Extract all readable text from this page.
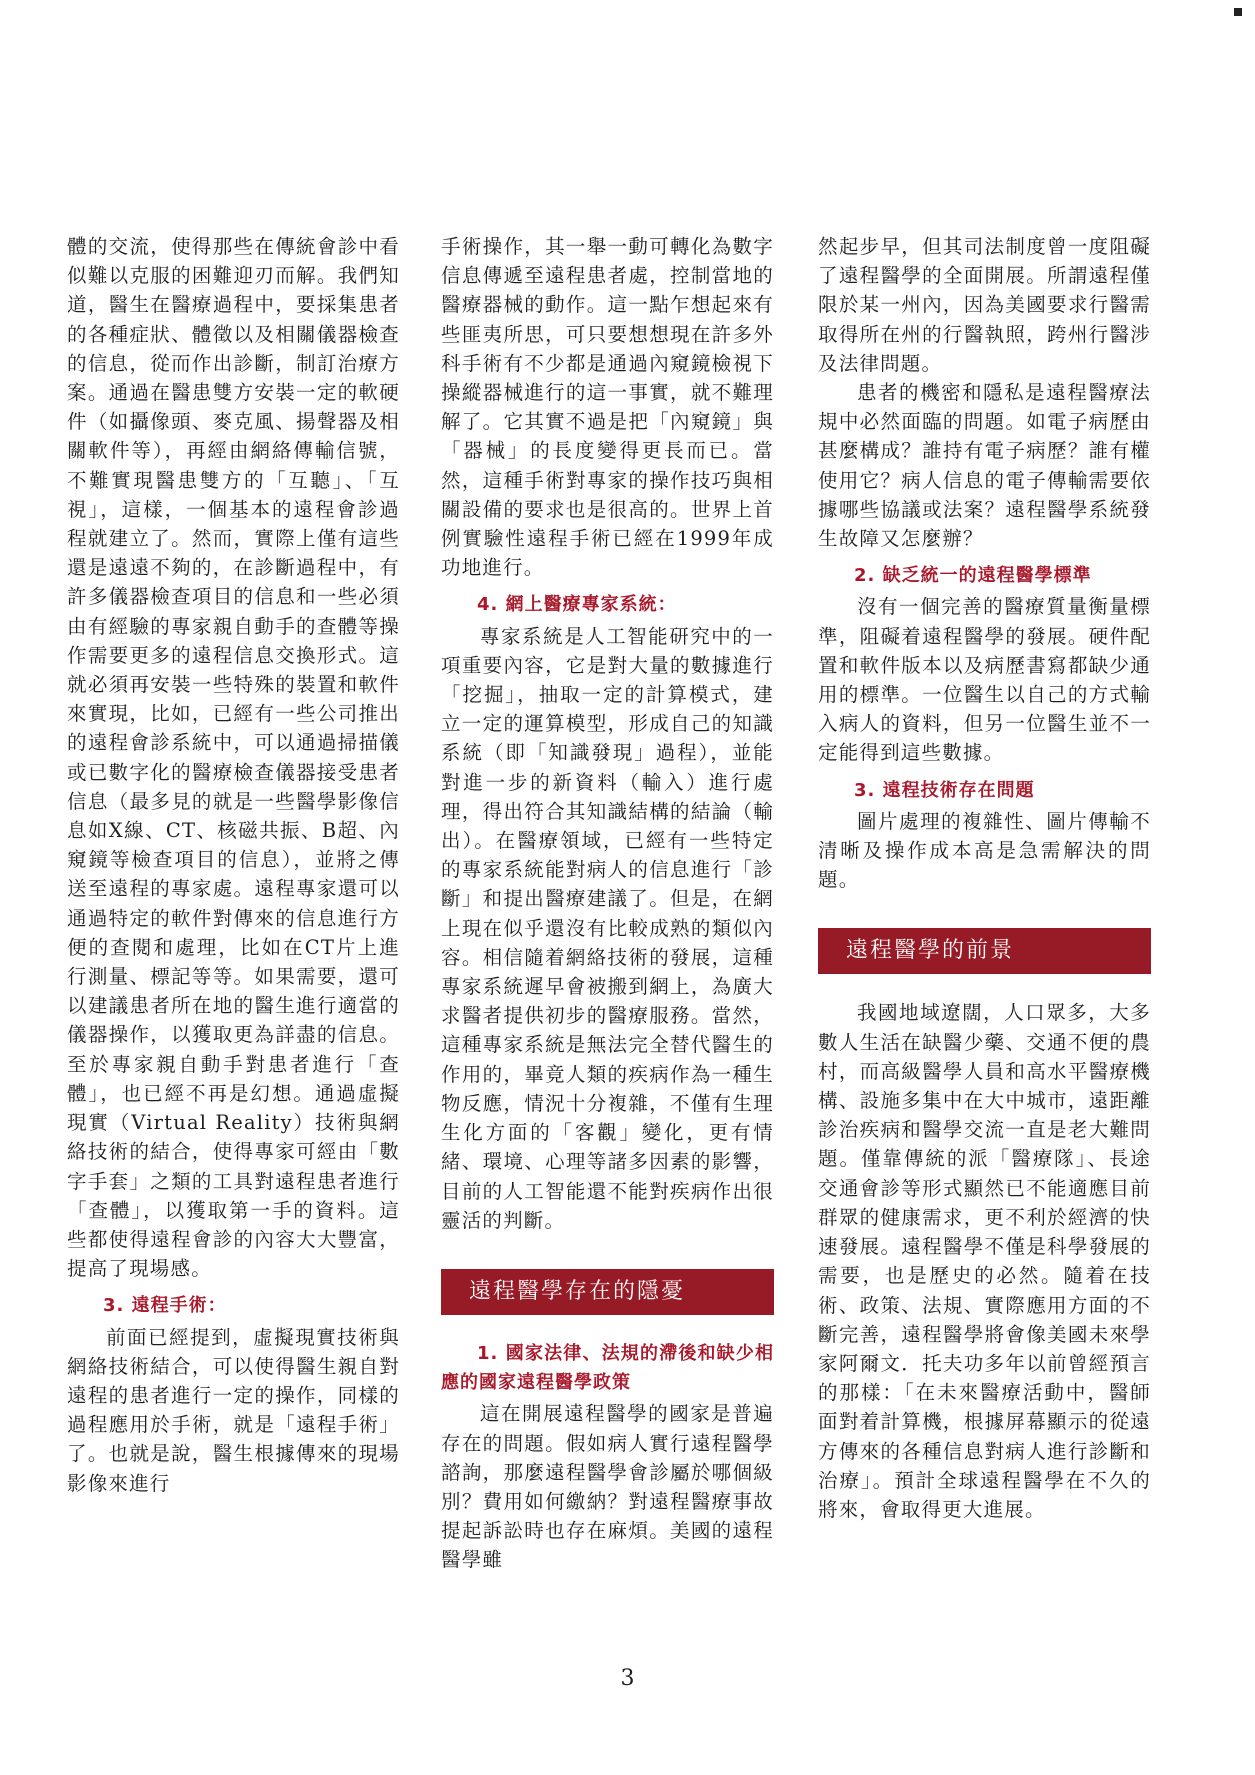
體的交流，使得那些在傳統會診中看似難以克服的困難迎刃而解。我們知道，醫生在醫療過程中，要採集患者的各種症狀、體徵以及相關儀器檢查的信息，從而作出診斷，制訂治療方案。通過在醫患雙方安裝一定的軟硬件（如攝像頭、麥克風、揚聲器及相關軟件等），再經由網絡傳輸信號，不難實現醫患雙方的「互聽」、「互視」，這樣，一個基本的遠程會診過程就建立了。然而，實際上僅有這些還是遠遠不夠的，在診斷過程中，有許多儀器檢查項目的信息和一些必須由有經驗的專家親自動手的查體等操作需要更多的遠程信息交換形式。這就必須再安裝一些特殊的裝置和軟件來實現，比如，已經有一些公司推出的遠程會診系統中，可以通過掃描儀或已數字化的醫療檢查儀器接受患者信息（最多見的就是一些醫學影像信息如X線、CT、核磁共振、B超、內窺鏡等檢查項目的信息），並將之傳送至遠程的專家處。遠程專家還可以通過特定的軟件對傳來的信息進行方便的查閱和處理，比如在CT片上進行測量、標記等等。如果需要，還可以建議患者所在地的醫生進行適當的儀器操作，以獲取更為詳盡的信息。至於專家親自動手對患者進行「查體」，也已經不再是幻想。通過虛擬現實（Virtual Reality）技術與網絡技術的結合，使得專家可經由「數字手套」之類的工具對遠程患者進行「查體」，以獲取第一手的資料。這些都使得遠程會診的內容大大豐富，提高了現場感。

3. 遠程手術：

前面已經提到，虛擬現實技術與網絡技術結合，可以使得醫生親自對遠程的患者進行一定的操作，同樣的過程應用於手術，就是「遠程手術」了。也就是說，醫生根據傳來的現場影像來進行

手術操作，其一舉一動可轉化為數字信息傳遞至遠程患者處，控制當地的醫療器械的動作。這一點乍想起來有些匪夷所思，可只要想想現在許多外科手術有不少都是通過內窺鏡檢視下操縱器械進行的這一事實，就不難理解了。它其實不過是把「內窺鏡」與「器械」的長度變得更長而已。當然，這種手術對專家的操作技巧與相關設備的要求也是很高的。世界上首例實驗性遠程手術已經在1999年成功地進行。

4. 網上醫療專家系統：

專家系統是人工智能研究中的一項重要內容，它是對大量的數據進行「挖掘」，抽取一定的計算模式，建立一定的運算模型，形成自己的知識系統（即「知識發現」過程），並能對進一步的新資料（輸入）進行處理，得出符合其知識結構的結論（輸出）。在醫療領域，已經有一些特定的專家系統能對病人的信息進行「診斷」和提出醫療建議了。但是，在網上現在似乎還沒有比較成熟的類似內容。相信隨着網絡技術的發展，這種專家系統遲早會被搬到網上，為廣大求醫者提供初步的醫療服務。當然，這種專家系統是無法完全替代醫生的作用的，畢竟人類的疾病作為一種生物反應，情況十分複雜，不僅有生理生化方面的「客觀」變化，更有情緒、環境、心理等諸多因素的影響，目前的人工智能還不能對疾病作出很靈活的判斷。

遠程醫學存在的隱憂
1. 國家法律、法規的滯後和缺少相應的國家遠程醫學政策

這在開展遠程醫學的國家是普遍存在的問題。假如病人實行遠程醫學諮詢，那麼遠程醫學會診屬於哪個級別？費用如何繳納？對遠程醫療事故提起訴訟時也存在麻煩。美國的遠程醫學雖

然起步早，但其司法制度曾一度阻礙了遠程醫學的全面開展。所謂遠程僅限於某一州內，因為美國要求行醫需取得所在州的行醫執照，跨州行醫涉及法律問題。

患者的機密和隱私是遠程醫療法規中必然面臨的問題。如電子病歷由甚麼構成？誰持有電子病歷？誰有權使用它？病人信息的電子傳輸需要依據哪些協議或法案？遠程醫學系統發生故障又怎麼辦？

2. 缺乏統一的遠程醫學標準

沒有一個完善的醫療質量衡量標準，阻礙着遠程醫學的發展。硬件配置和軟件版本以及病歷書寫都缺少通用的標準。一位醫生以自己的方式輸入病人的資料，但另一位醫生並不一定能得到這些數據。

3. 遠程技術存在問題

圖片處理的複雜性、圖片傳輸不清晰及操作成本高是急需解決的問題。

遠程醫學的前景

我國地域遼闊，人口眾多，大多數人生活在缺醫少藥、交通不便的農村，而高級醫學人員和高水平醫療機構、設施多集中在大中城市，遠距離診治疾病和醫學交流一直是老大難問題。僅靠傳統的派「醫療隊」、長途交通會診等形式顯然已不能適應目前群眾的健康需求，更不利於經濟的快速發展。遠程醫學不僅是科學發展的需要，也是歷史的必然。隨着在技術、政策、法規、實際應用方面的不斷完善，遠程醫學將會像美國未來學家阿爾文．托夫功多年以前曾經預言的那樣：「在未來醫療活動中，醫師面對着計算機，根據屏幕顯示的從遠方傳來的各種信息對病人進行診斷和治療」。預計全球遠程醫學在不久的將來，會取得更大進展。

3
